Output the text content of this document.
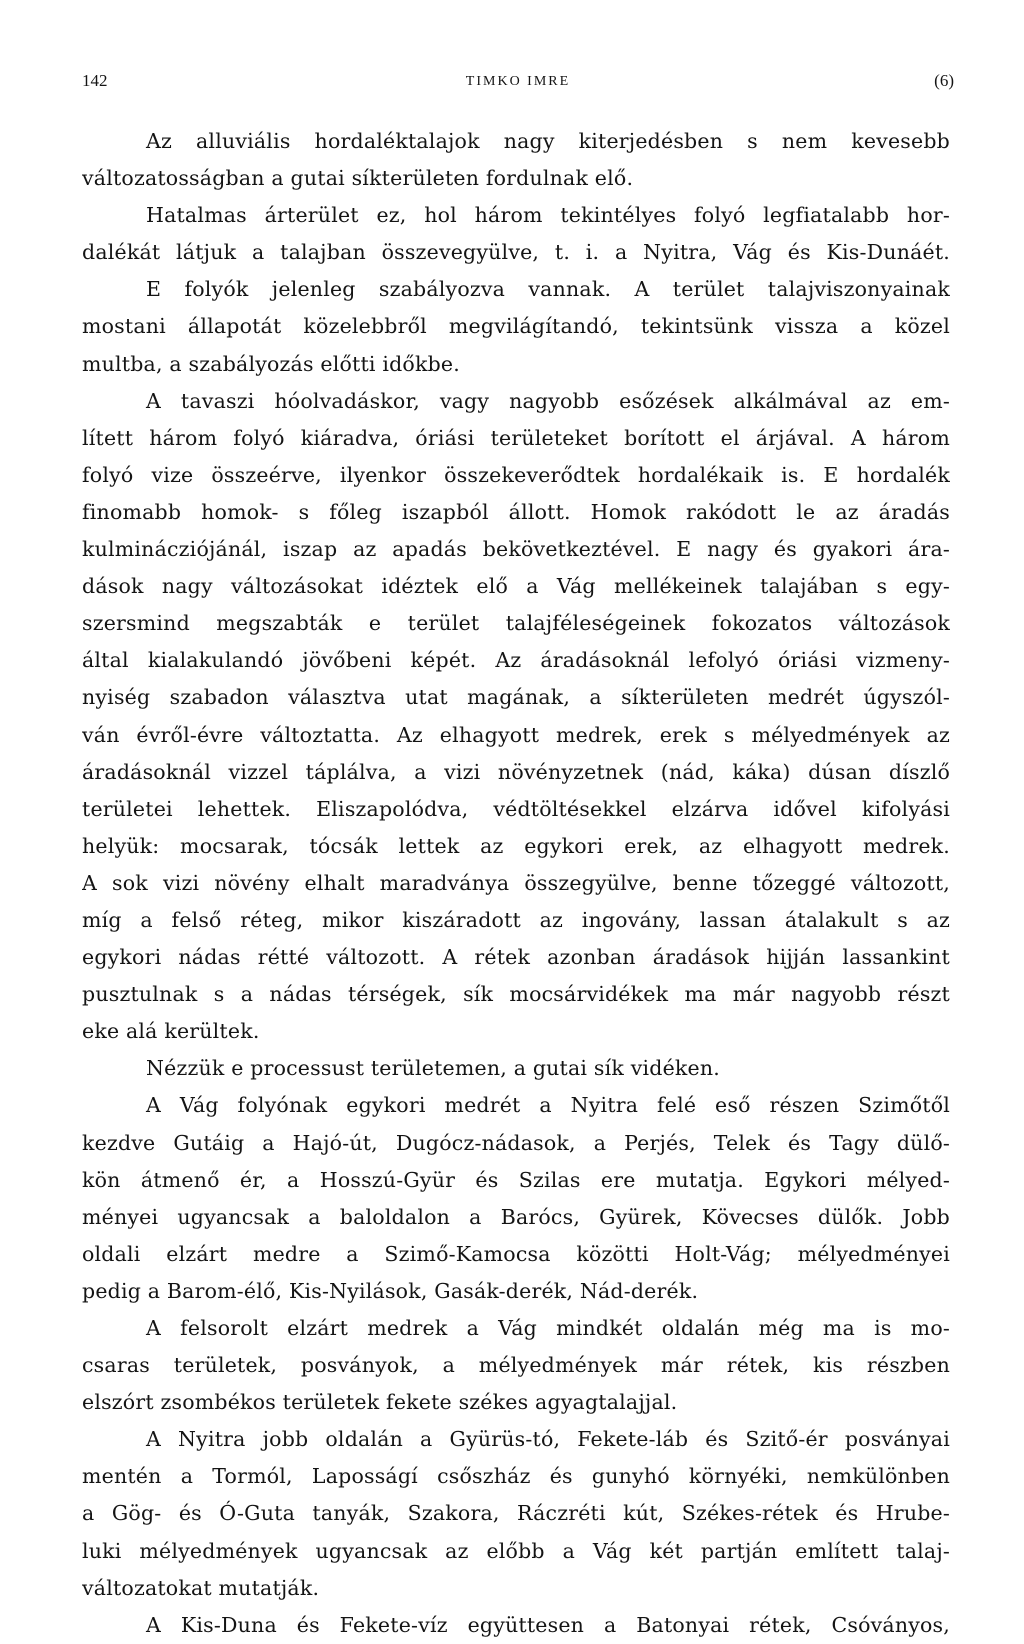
142	TIMKO IMRE	(6)
Az alluviális hordaléktalajok nagy kiterjedésben s nem kevesebb
változatosságban a gutai síkterületen fordulnak elő.
Hatalmas árterület ez, hol három tekintélyes folyó legfiatalabb hor-
dalékát látjuk a talajban összevegyülve, t. i. a Nyitra, Vág és Kis-Dunáét.
E folyók jelenleg szabályozva vannak. A terület talajviszonyainak
mostani állapotát közelebbről megvilágítandó, tekintsünk vissza a közel
multba, a szabályozás előtti időkbe.
A tavaszi hóolvadáskor, vagy nagyobb esőzések alkálmával az em-
lített három folyó kiáradva, óriási területeket borított el árjával. A három
folyó vize összeérve, ilyenkor összekeverődtek hordalékaik is. E hordalék
finomabb homok- s főleg iszapból állott. Homok rakódott le az áradás
kulminácziójánál, iszap az apadás bekövetkeztével. E nagy és gyakori ára-
dások nagy változásokat idéztek elő a Vág mellékeinek talajában s egy-
szersmind megszabták e terület talajféleségeinek fokozatos változások
által kialakulandó jövőbeni képét. Az áradásoknál lefolyó óriási vizmeny-
nyiség szabadon választva utat magának, a síkterületen medrét úgyszól-
ván évről-évre változtatta. Az elhagyott medrek, erek s mélyedmények az
áradásoknál vizzel táplálva, a vizi növényzetnek (nád, káka) dúsan díszlő
területei lehettek. Eliszapolódva, védtöltésekkel elzárva idővel kifolyási
helyük: mocsarak, tócsák lettek az egykori erek, az elhagyott medrek.
A sok vizi növény elhalt maradványa összegyülve, benne tőzeggé változott,
míg a felső réteg, mikor kiszáradott az ingovány, lassan átalakult s az
egykori nádas rétté változott. A rétek azonban áradások hijján lassankint
pusztulnak s a nádas térségek, sík mocsárvidékek ma már nagyobb részt
eke alá kerültek.
Nézzük e processust területemen, a gutai sík vidéken.
A Vág folyónak egykori medrét a Nyitra felé eső részen Szimőtől
kezdve Gutáig a Hajó-út, Dugócz-nádasok, a Perjés, Telek és Tagy dülő-
kön átmenő ér, a Hosszú-Gyür és Szilas ere mutatja. Egykori mélyed-
ményei ugyancsak a baloldalon a Barócs, Gyürek, Kövecses dülők. Jobb
oldali elzárt medre a Szimő-Kamocsa közötti Holt-Vág; mélyedményei
pedig a Barom-élő, Kis-Nyilások, Gasák-derék, Nád-derék.
A felsorolt elzárt medrek a Vág mindkét oldalán még ma is mo-
csaras területek, posványok, a mélyedmények már rétek, kis részben
elszórt zsombékos területek fekete székes agyagtalajjal.
A Nyitra jobb oldalán a Gyürüs-tó, Fekete-láb és Szitő-ér posványai
mentén a Tormól, Laposságí csőszház és gunyhó környéki, nemkülönben
a Gög- és Ó-Guta tanyák, Szakora, Ráczréti kút, Székes-rétek és Hrube-
luki mélyedmények ugyancsak az előbb a Vág két partján említett talaj-
változatokat mutatják.
A Kis-Duna és Fekete-víz együttesen a Batonyai rétek, Csóványos,
